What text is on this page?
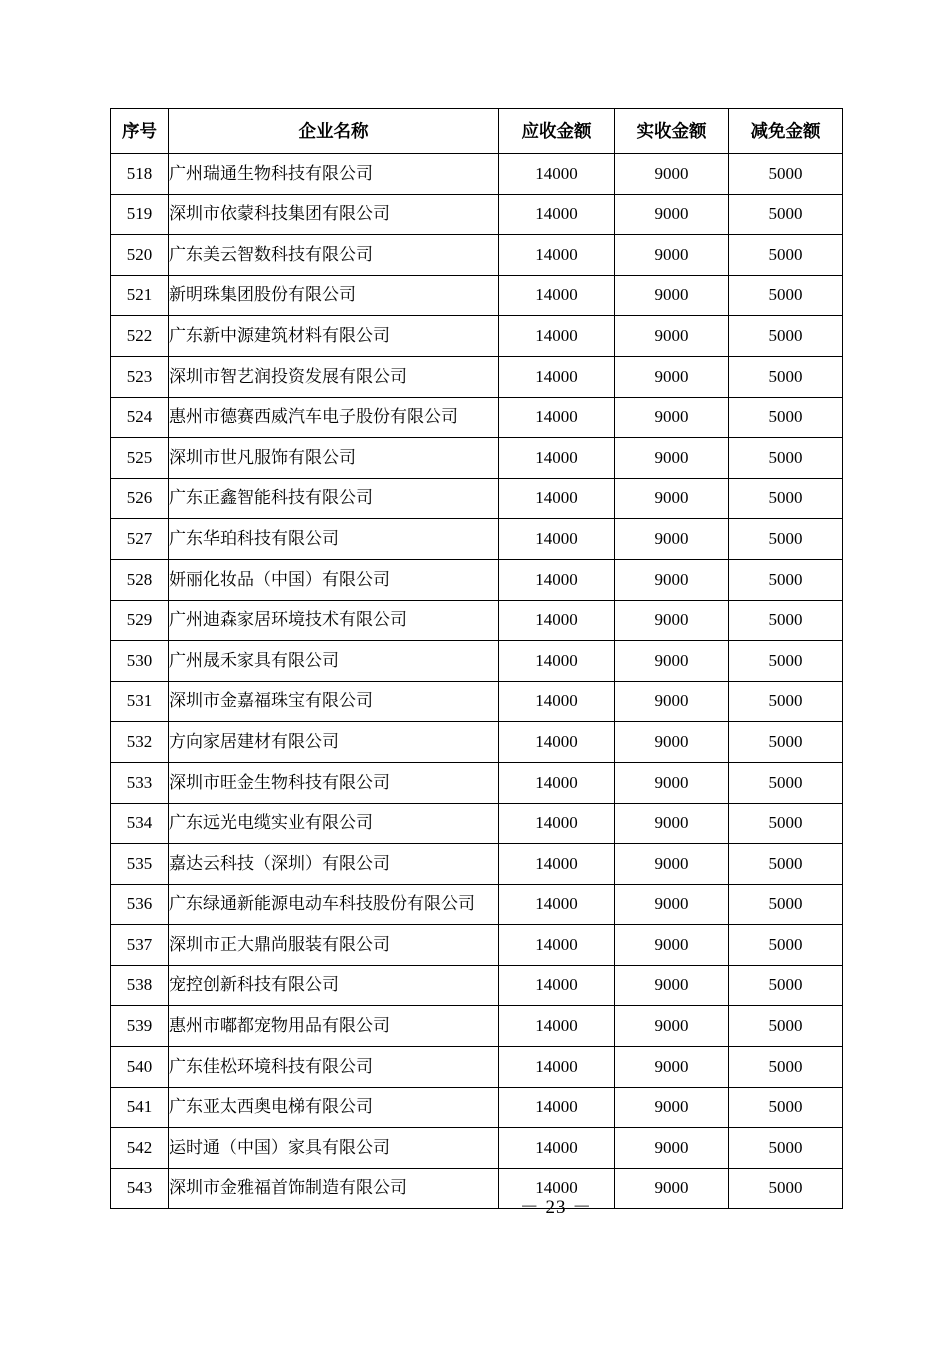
序号	企业名称	应收金额	实收金额	减免金额
518	广州瑞通生物科技有限公司	14000	9000	5000
519	深圳市依蒙科技集团有限公司	14000	9000	5000
520	广东美云智数科技有限公司	14000	9000	5000
521	新明珠集团股份有限公司	14000	9000	5000
522	广东新中源建筑材料有限公司	14000	9000	5000
523	深圳市智艺润投资发展有限公司	14000	9000	5000
524	惠州市德赛西威汽车电子股份有限公司	14000	9000	5000
525	深圳市世凡服饰有限公司	14000	9000	5000
526	广东正鑫智能科技有限公司	14000	9000	5000
527	广东华珀科技有限公司	14000	9000	5000
528	妍丽化妆品（中国）有限公司	14000	9000	5000
529	广州迪森家居环境技术有限公司	14000	9000	5000
530	广州晟禾家具有限公司	14000	9000	5000
531	深圳市金嘉福珠宝有限公司	14000	9000	5000
532	方向家居建材有限公司	14000	9000	5000
533	深圳市旺金生物科技有限公司	14000	9000	5000
534	广东远光电缆实业有限公司	14000	9000	5000
535	嘉达云科技（深圳）有限公司	14000	9000	5000
536	广东绿通新能源电动车科技股份有限公司	14000	9000	5000
537	深圳市正大鼎尚服装有限公司	14000	9000	5000
538	宠控创新科技有限公司	14000	9000	5000
539	惠州市嘟都宠物用品有限公司	14000	9000	5000
540	广东佳松环境科技有限公司	14000	9000	5000
541	广东亚太西奥电梯有限公司	14000	9000	5000
542	运时通（中国）家具有限公司	14000	9000	5000
543	深圳市金雅福首饰制造有限公司	14000	9000	5000
－ 23 －
